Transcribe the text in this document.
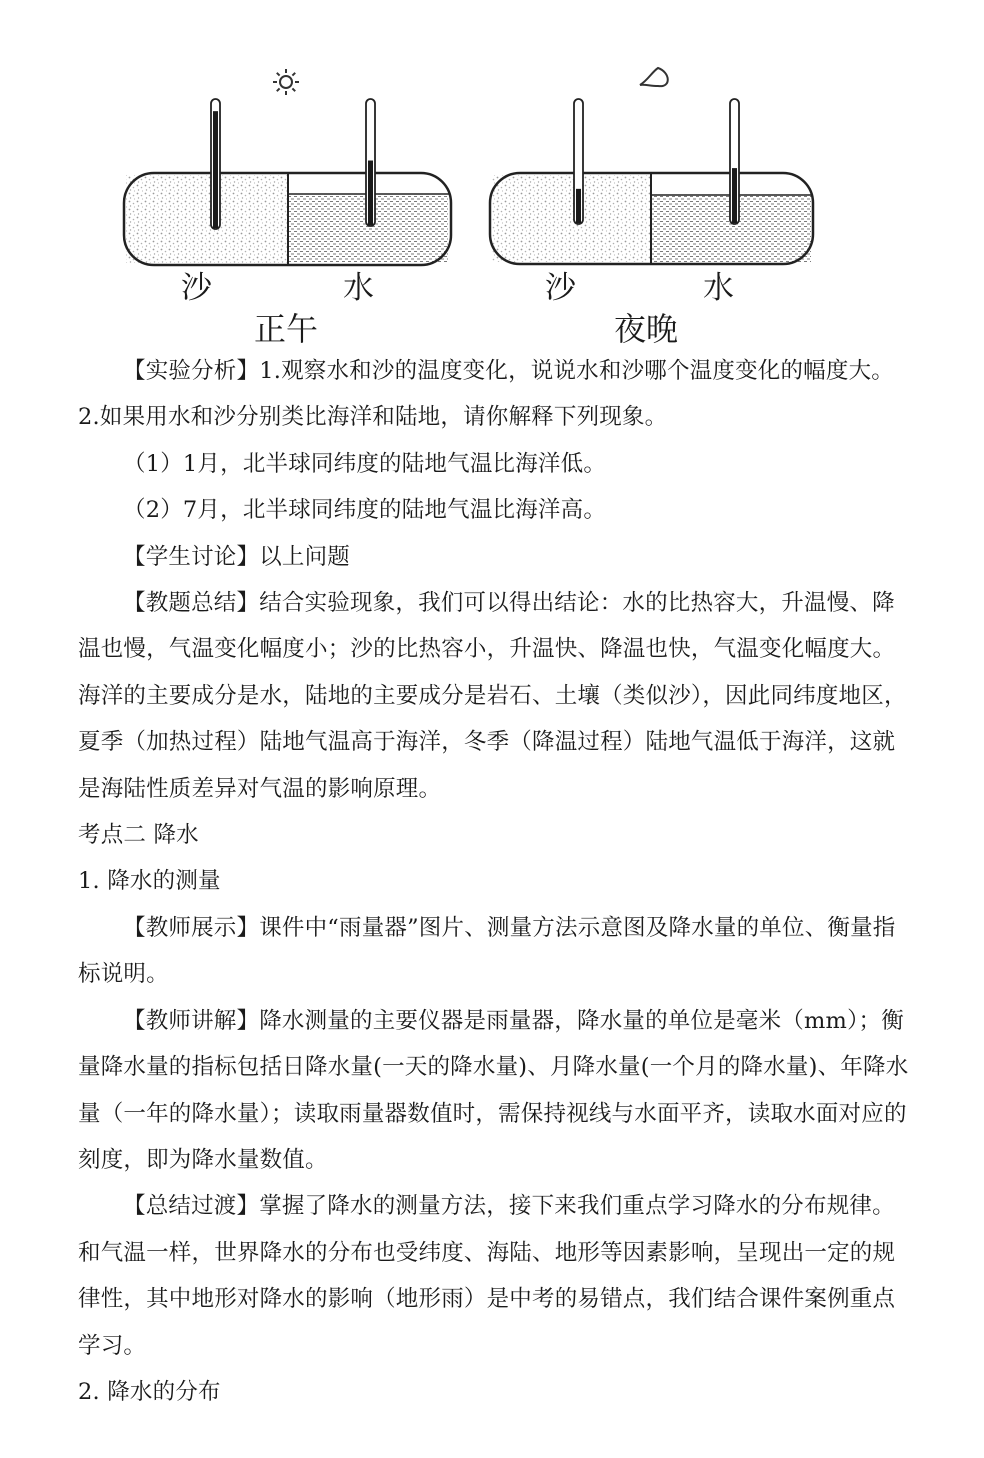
沙	水
正午
沙	水
夜晚

【实验分析】1.观察水和沙的温度变化，说说水和沙哪个温度变化的幅度大。

2.如果用水和沙分别类比海洋和陆地，请你解释下列现象。

（1）1月，北半球同纬度的陆地气温比海洋低。

（2）7月，北半球同纬度的陆地气温比海洋高。

【学生讨论】以上问题

【教题总结】结合实验现象，我们可以得出结论：水的比热容大，升温慢、降温也慢，气温变化幅度小；沙的比热容小，升温快、降温也快，气温变化幅度大。海洋的主要成分是水，陆地的主要成分是岩石、土壤（类似沙），因此同纬度地区，夏季（加热过程）陆地气温高于海洋，冬季（降温过程）陆地气温低于海洋，这就是海陆性质差异对气温的影响原理。

考点二 降水

1. 降水的测量

【教师展示】课件中“雨量器”图片、测量方法示意图及降水量的单位、衡量指标说明。

【教师讲解】降水测量的主要仪器是雨量器，降水量的单位是毫米（mm）；衡量降水量的指标包括日降水量(一天的降水量)、月降水量(一个月的降水量)、年降水量（一年的降水量）；读取雨量器数值时，需保持视线与水面平齐，读取水面对应的刻度，即为降水量数值。

【总结过渡】掌握了降水的测量方法，接下来我们重点学习降水的分布规律。和气温一样，世界降水的分布也受纬度、海陆、地形等因素影响，呈现出一定的规律性，其中地形对降水的影响（地形雨）是中考的易错点，我们结合课件案例重点学习。

2. 降水的分布
